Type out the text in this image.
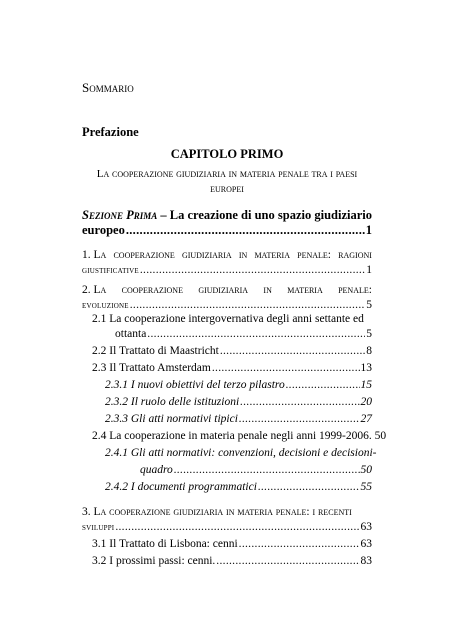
Sommario
Prefazione
CAPITOLO PRIMO
La cooperazione giudiziaria in materia penale tra i paesi
europei
Sezione Prima – La creazione di uno spazio giudiziario
europeo .....	1
1. La cooperazione giudiziaria in materia penale: ragioni
giustificative .....	1
2. La cooperazione giudiziaria in materia penale:
evoluzione .....	5
2.1 La cooperazione intergovernativa degli anni settante ed
ottanta .....	5
2.2 Il Trattato di Maastricht .....	8
2.3 Il Trattato Amsterdam .....	13
2.3.1 I nuovi obiettivi del terzo pilastro .....	15
2.3.2 Il ruolo delle istituzioni .....	20
2.3.3 Gli atti normativi tipici .....	27
2.4 La cooperazione in materia penale negli anni 1999-2006. 50
2.4.1 Gli atti normativi: convenzioni, decisioni e decisioni-
quadro .....	50
2.4.2 I documenti programmatici .....	55
3. La cooperazione giudiziaria in materia penale: i recenti
sviluppi .....	63
3.1 Il Trattato di Lisbona: cenni .....	63
3.2 I prossimi passi: cenni. .....	83
